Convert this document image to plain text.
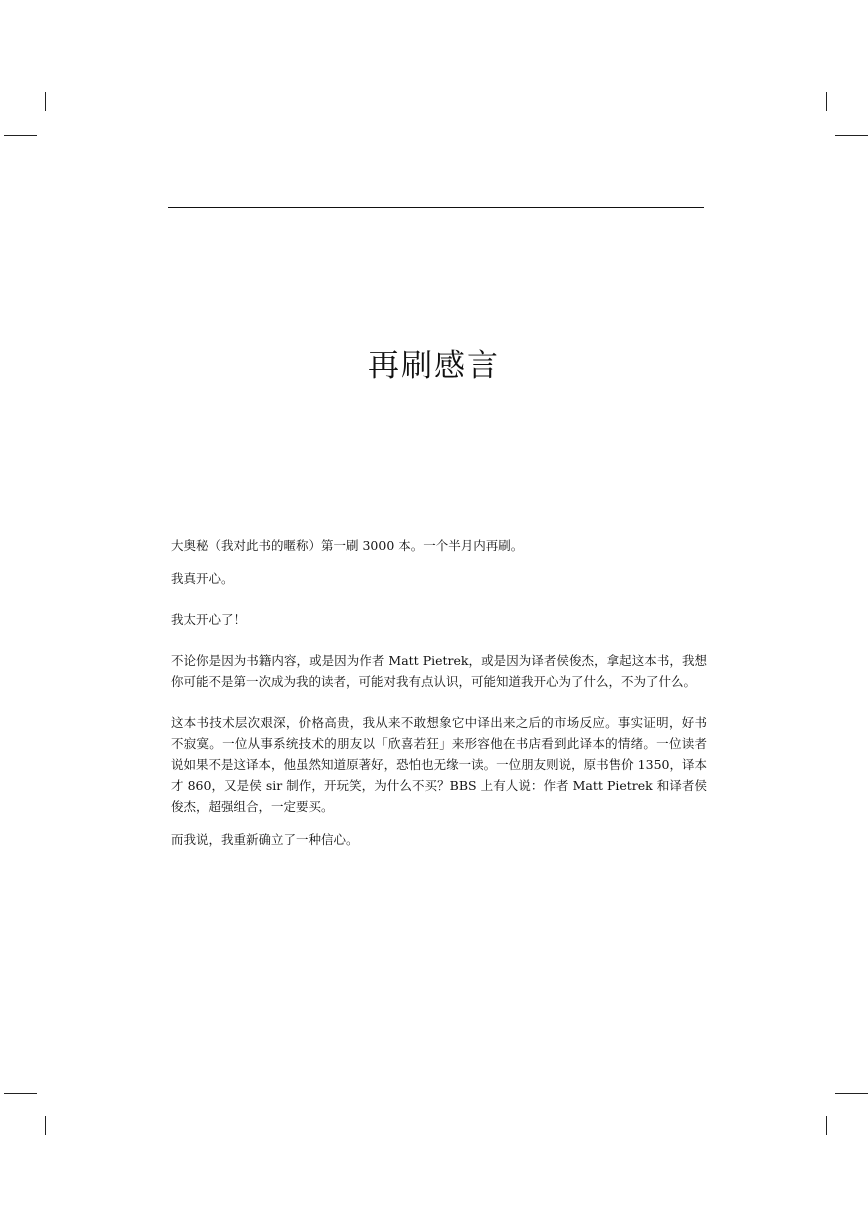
再刷感言

大奥秘（我对此书的暱称）第一刷 3000 本。一个半月内再刷。

我真开心。

我太开心了！

不论你是因为书籍内容，或是因为作者 Matt Pietrek，或是因为译者侯俊杰，拿起这本书，我想你可能不是第一次成为我的读者，可能对我有点认识，可能知道我开心为了什么，不为了什么。

这本书技术层次艰深，价格高贵，我从来不敢想象它中译出来之后的市场反应。事实证明，好书不寂寞。一位从事系统技术的朋友以「欣喜若狂」来形容他在书店看到此译本的情绪。一位读者说如果不是这译本，他虽然知道原著好，恐怕也无缘一读。一位朋友则说，原书售价 1350，译本才 860，又是侯 sir 制作，开玩笑，为什么不买？BBS 上有人说：作者 Matt Pietrek 和译者侯俊杰，超强组合，一定要买。

而我说，我重新确立了一种信心。
